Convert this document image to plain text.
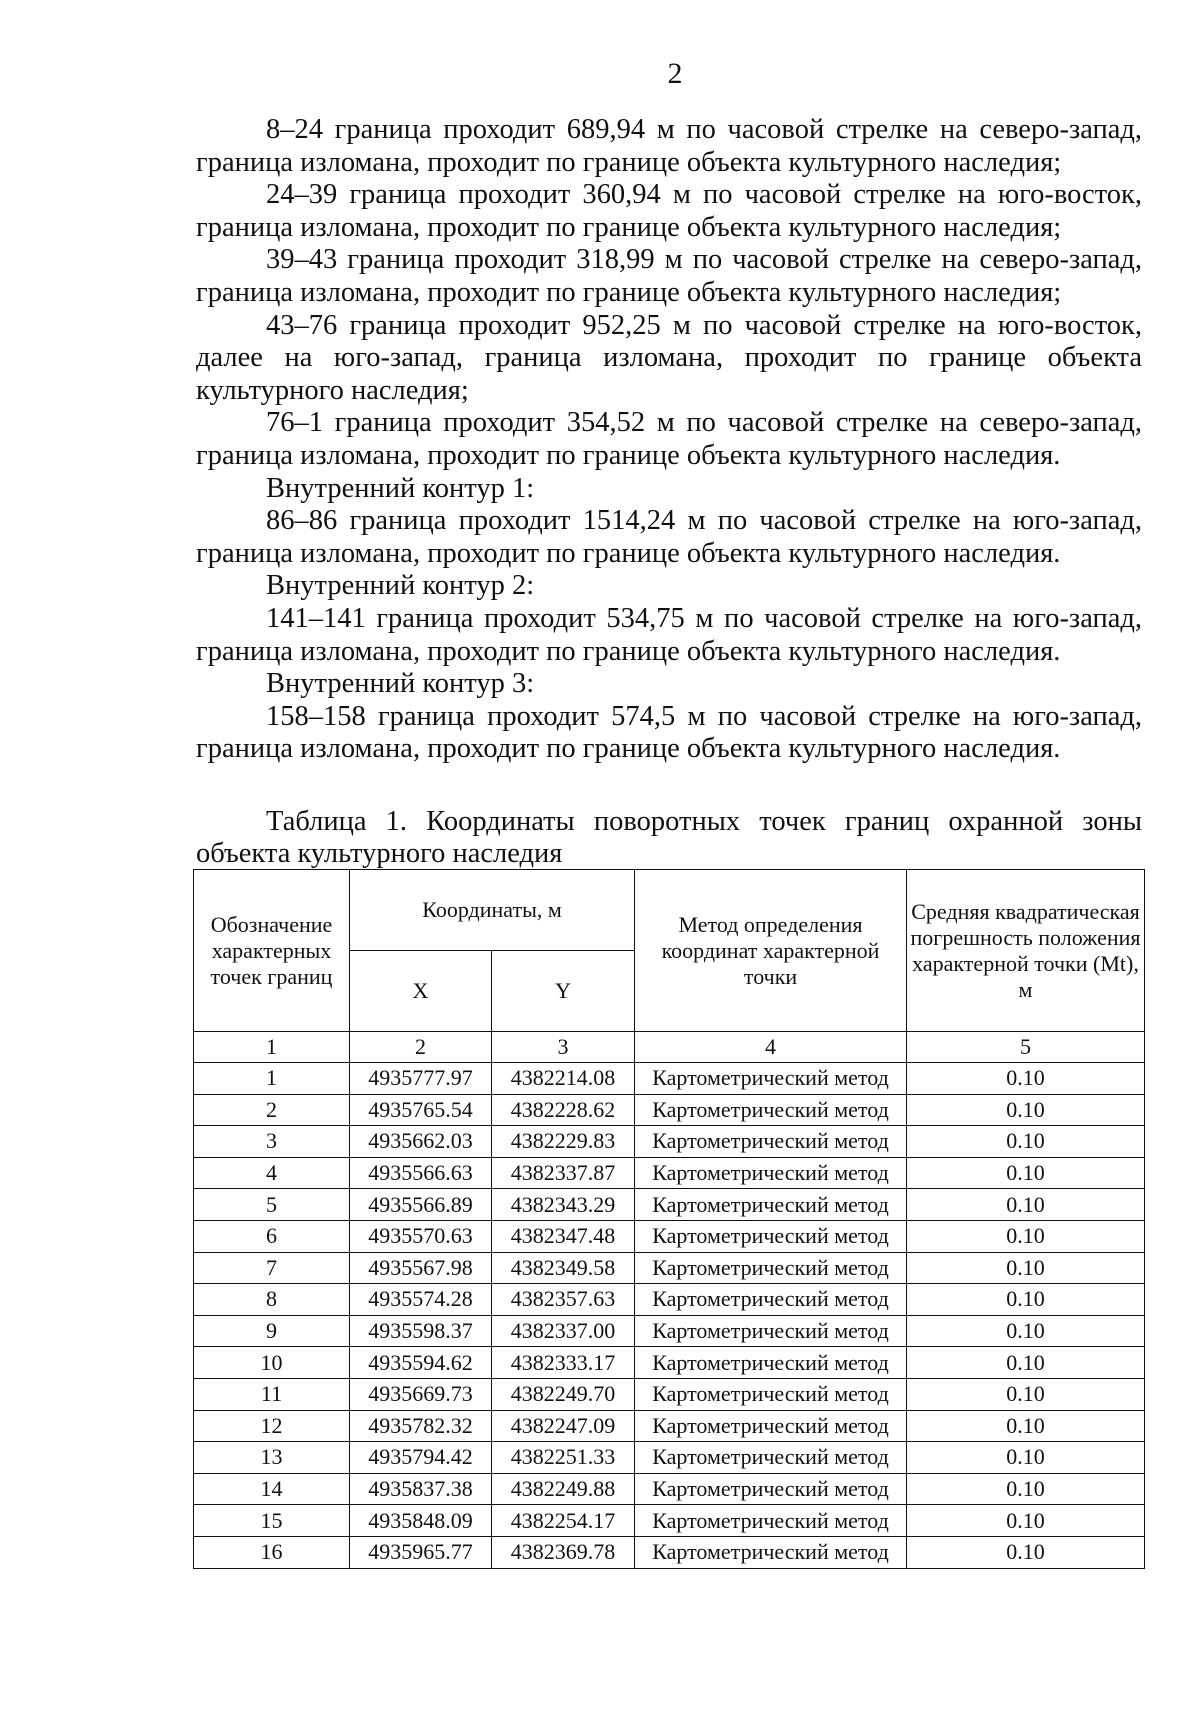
2

8–24 граница проходит 689,94 м по часовой стрелке на северо-запад, граница изломана, проходит по границе объекта культурного наследия;

24–39 граница проходит 360,94 м по часовой стрелке на юго-восток, граница изломана, проходит по границе объекта культурного наследия;

39–43 граница проходит 318,99 м по часовой стрелке на северо-запад, граница изломана, проходит по границе объекта культурного наследия;

43–76 граница проходит 952,25 м по часовой стрелке на юго-восток, далее на юго-запад, граница изломана, проходит по границе объекта культурного наследия;

76–1 граница проходит 354,52 м по часовой стрелке на северо-запад, граница изломана, проходит по границе объекта культурного наследия.

Внутренний контур 1:

86–86 граница проходит 1514,24 м по часовой стрелке на юго-запад, граница изломана, проходит по границе объекта культурного наследия.

Внутренний контур 2:

141–141 граница проходит 534,75 м по часовой стрелке на юго-запад, граница изломана, проходит по границе объекта культурного наследия.

Внутренний контур 3:

158–158 граница проходит 574,5 м по часовой стрелке на юго-запад, граница изломана, проходит по границе объекта культурного наследия.

Таблица 1. Координаты поворотных точек границ охранной зоны объекта культурного наследия
Обозначение характерных точек границ	Координаты, м		Метод определения координат характерной точки	Средняя квадратическая погрешность положения характерной точки (Mt), м
	X	Y		
1	2	3	4	5
1	4935777.97	4382214.08	Картометрический метод	0.10
2	4935765.54	4382228.62	Картометрический метод	0.10
3	4935662.03	4382229.83	Картометрический метод	0.10
4	4935566.63	4382337.87	Картометрический метод	0.10
5	4935566.89	4382343.29	Картометрический метод	0.10
6	4935570.63	4382347.48	Картометрический метод	0.10
7	4935567.98	4382349.58	Картометрический метод	0.10
8	4935574.28	4382357.63	Картометрический метод	0.10
9	4935598.37	4382337.00	Картометрический метод	0.10
10	4935594.62	4382333.17	Картометрический метод	0.10
11	4935669.73	4382249.70	Картометрический метод	0.10
12	4935782.32	4382247.09	Картометрический метод	0.10
13	4935794.42	4382251.33	Картометрический метод	0.10
14	4935837.38	4382249.88	Картометрический метод	0.10
15	4935848.09	4382254.17	Картометрический метод	0.10
16	4935965.77	4382369.78	Картометрический метод	0.10
